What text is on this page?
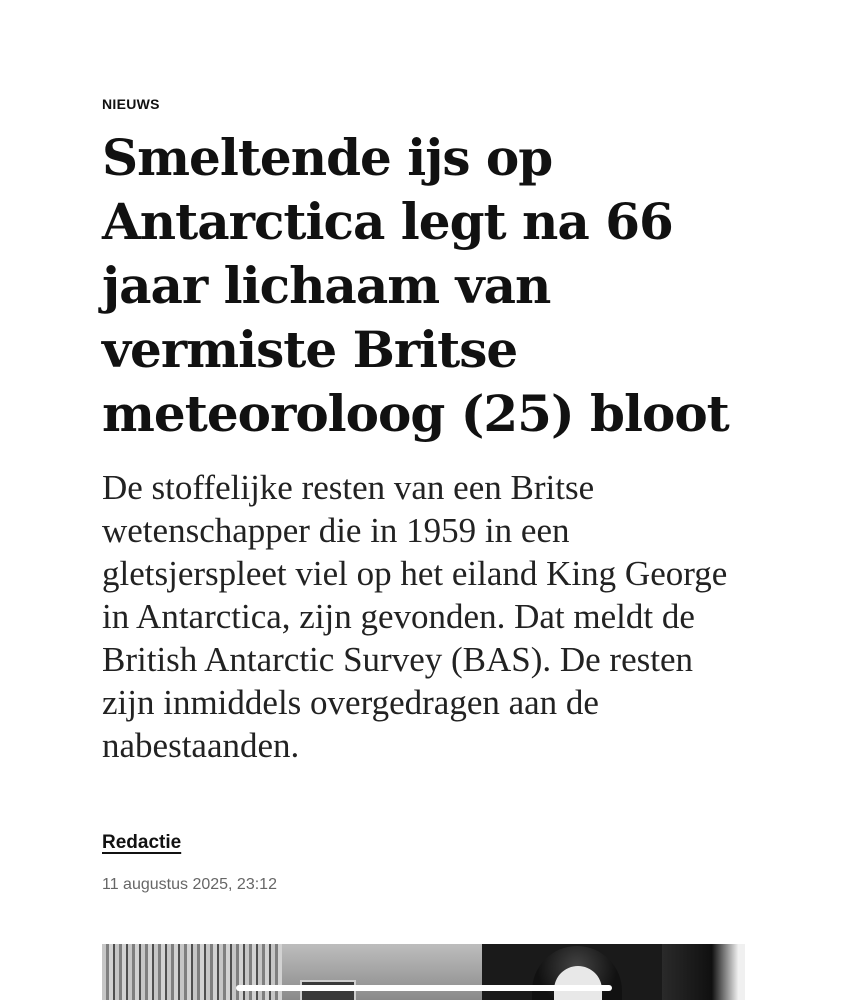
NIEUWS
Smeltende ijs op Antarctica legt na 66 jaar lichaam van vermiste Britse meteoroloog (25) bloot

De stoffelijke resten van een Britse wetenschapper die in 1959 in een gletsjerspleet viel op het eiland King George in Antarctica, zijn gevonden. Dat meldt de British Antarctic Survey (BAS). De resten zijn inmiddels overgedragen aan de nabestaanden.

Redactie
11 augustus 2025, 23:12
